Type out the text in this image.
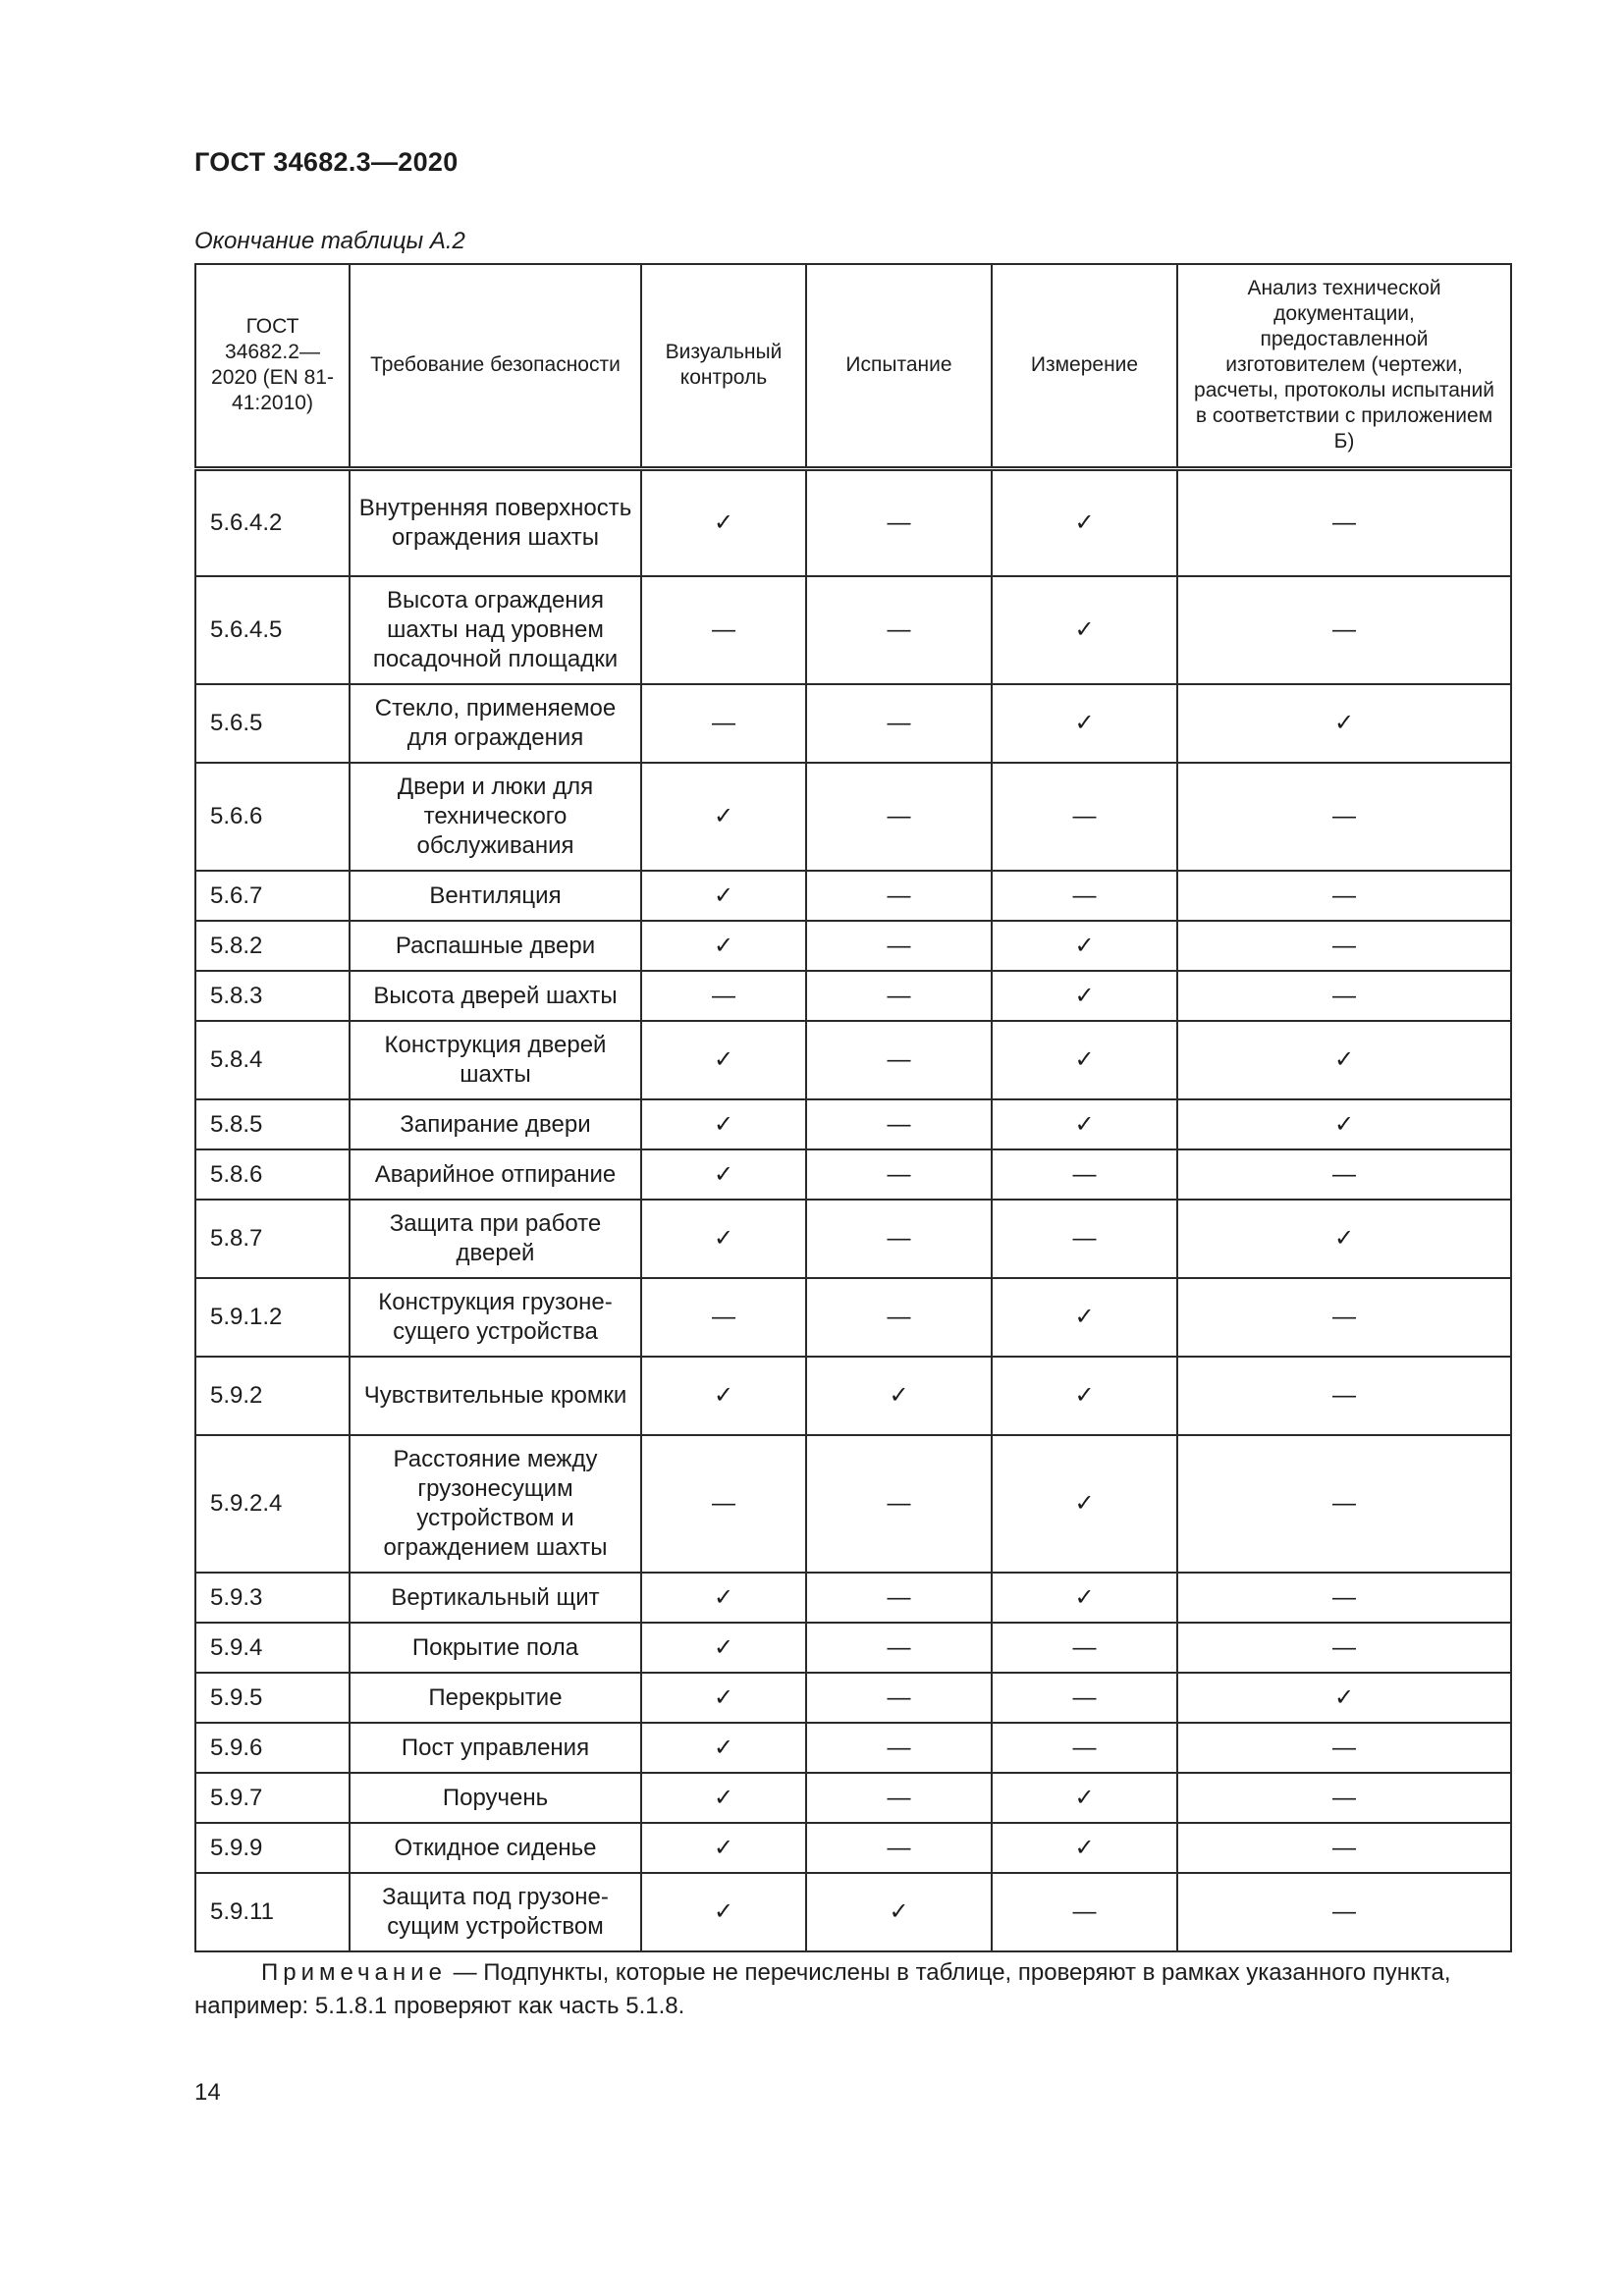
ГОСТ 34682.3—2020
Окончание таблицы А.2
ГОСТ 34682.2—2020 (EN 81-41:2010)	Требование безопасности	Визуальный контроль	Испытание	Измерение	Анализ технической документации, предоставленной изготовителем (чертежи, расчеты, протоколы испытаний в соответствии с приложением Б)
5.6.4.2	Внутренняя поверхность ограждения шахты	✓	—	✓	—
5.6.4.5	Высота ограждения шахты над уровнем посадочной площадки	—	—	✓	—
5.6.5	Стекло, применяемое для ограждения	—	—	✓	✓
5.6.6	Двери и люки для технического обслуживания	✓	—	—	—
5.6.7	Вентиляция	✓	—	—	—
5.8.2	Распашные двери	✓	—	✓	—
5.8.3	Высота дверей шахты	—	—	✓	—
5.8.4	Конструкция дверей шахты	✓	—	✓	✓
5.8.5	Запирание двери	✓	—	✓	✓
5.8.6	Аварийное отпирание	✓	—	—	—
5.8.7	Защита при работе дверей	✓	—	—	✓
5.9.1.2	Конструкция грузоне-сущего устройства	—	—	✓	—
5.9.2	Чувствительные кромки	✓	✓	✓	—
5.9.2.4	Расстояние между грузонесущим устройством и ограждением шахты	—	—	✓	—
5.9.3	Вертикальный щит	✓	—	✓	—
5.9.4	Покрытие пола	✓	—	—	—
5.9.5	Перекрытие	✓	—	—	✓
5.9.6	Пост управления	✓	—	—	—
5.9.7	Поручень	✓	—	✓	—
5.9.9	Откидное сиденье	✓	—	✓	—
5.9.11	Защита под грузоне-сущим устройством	✓	✓	—	—
Примечание — Подпункты, которые не перечислены в таблице, проверяют в рамках указанного пункта, например: 5.1.8.1 проверяют как часть 5.1.8.
14
